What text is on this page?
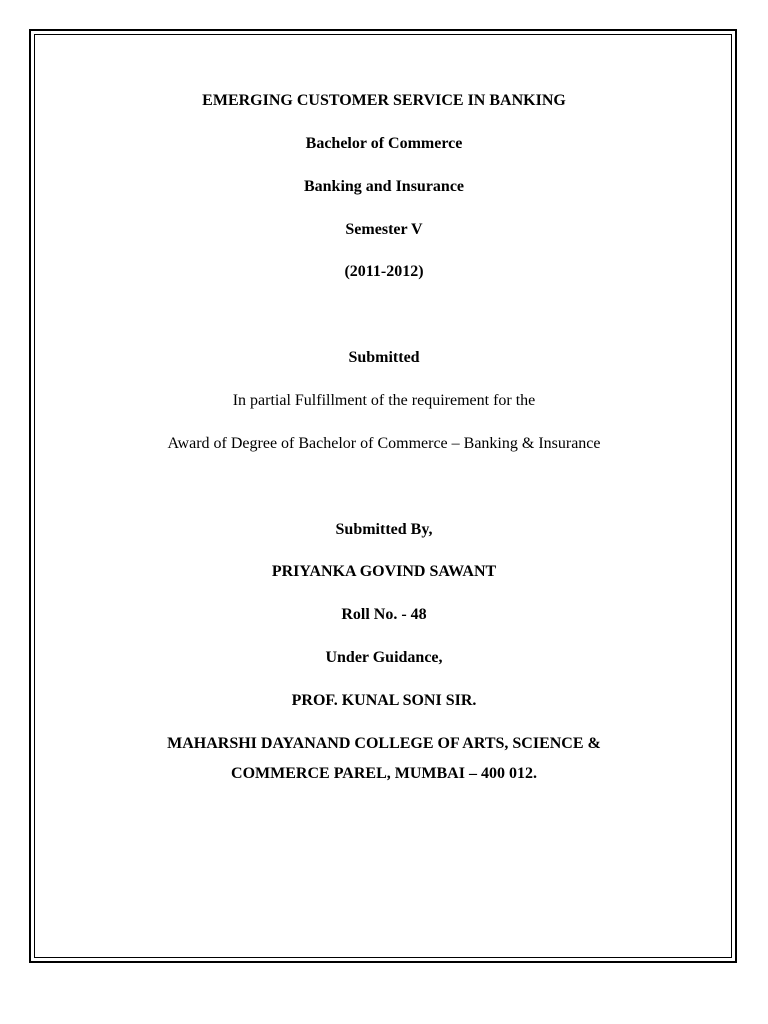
EMERGING CUSTOMER SERVICE IN BANKING
Bachelor of Commerce
Banking and Insurance
Semester V
(2011-2012)
Submitted
In partial Fulfillment of the requirement for the
Award of Degree of Bachelor of Commerce – Banking & Insurance
Submitted By,
PRIYANKA GOVIND SAWANT
Roll No. - 48
Under Guidance,
PROF. KUNAL SONI SIR.
MAHARSHI DAYANAND COLLEGE OF ARTS, SCIENCE &
COMMERCE PAREL, MUMBAI – 400 012.
